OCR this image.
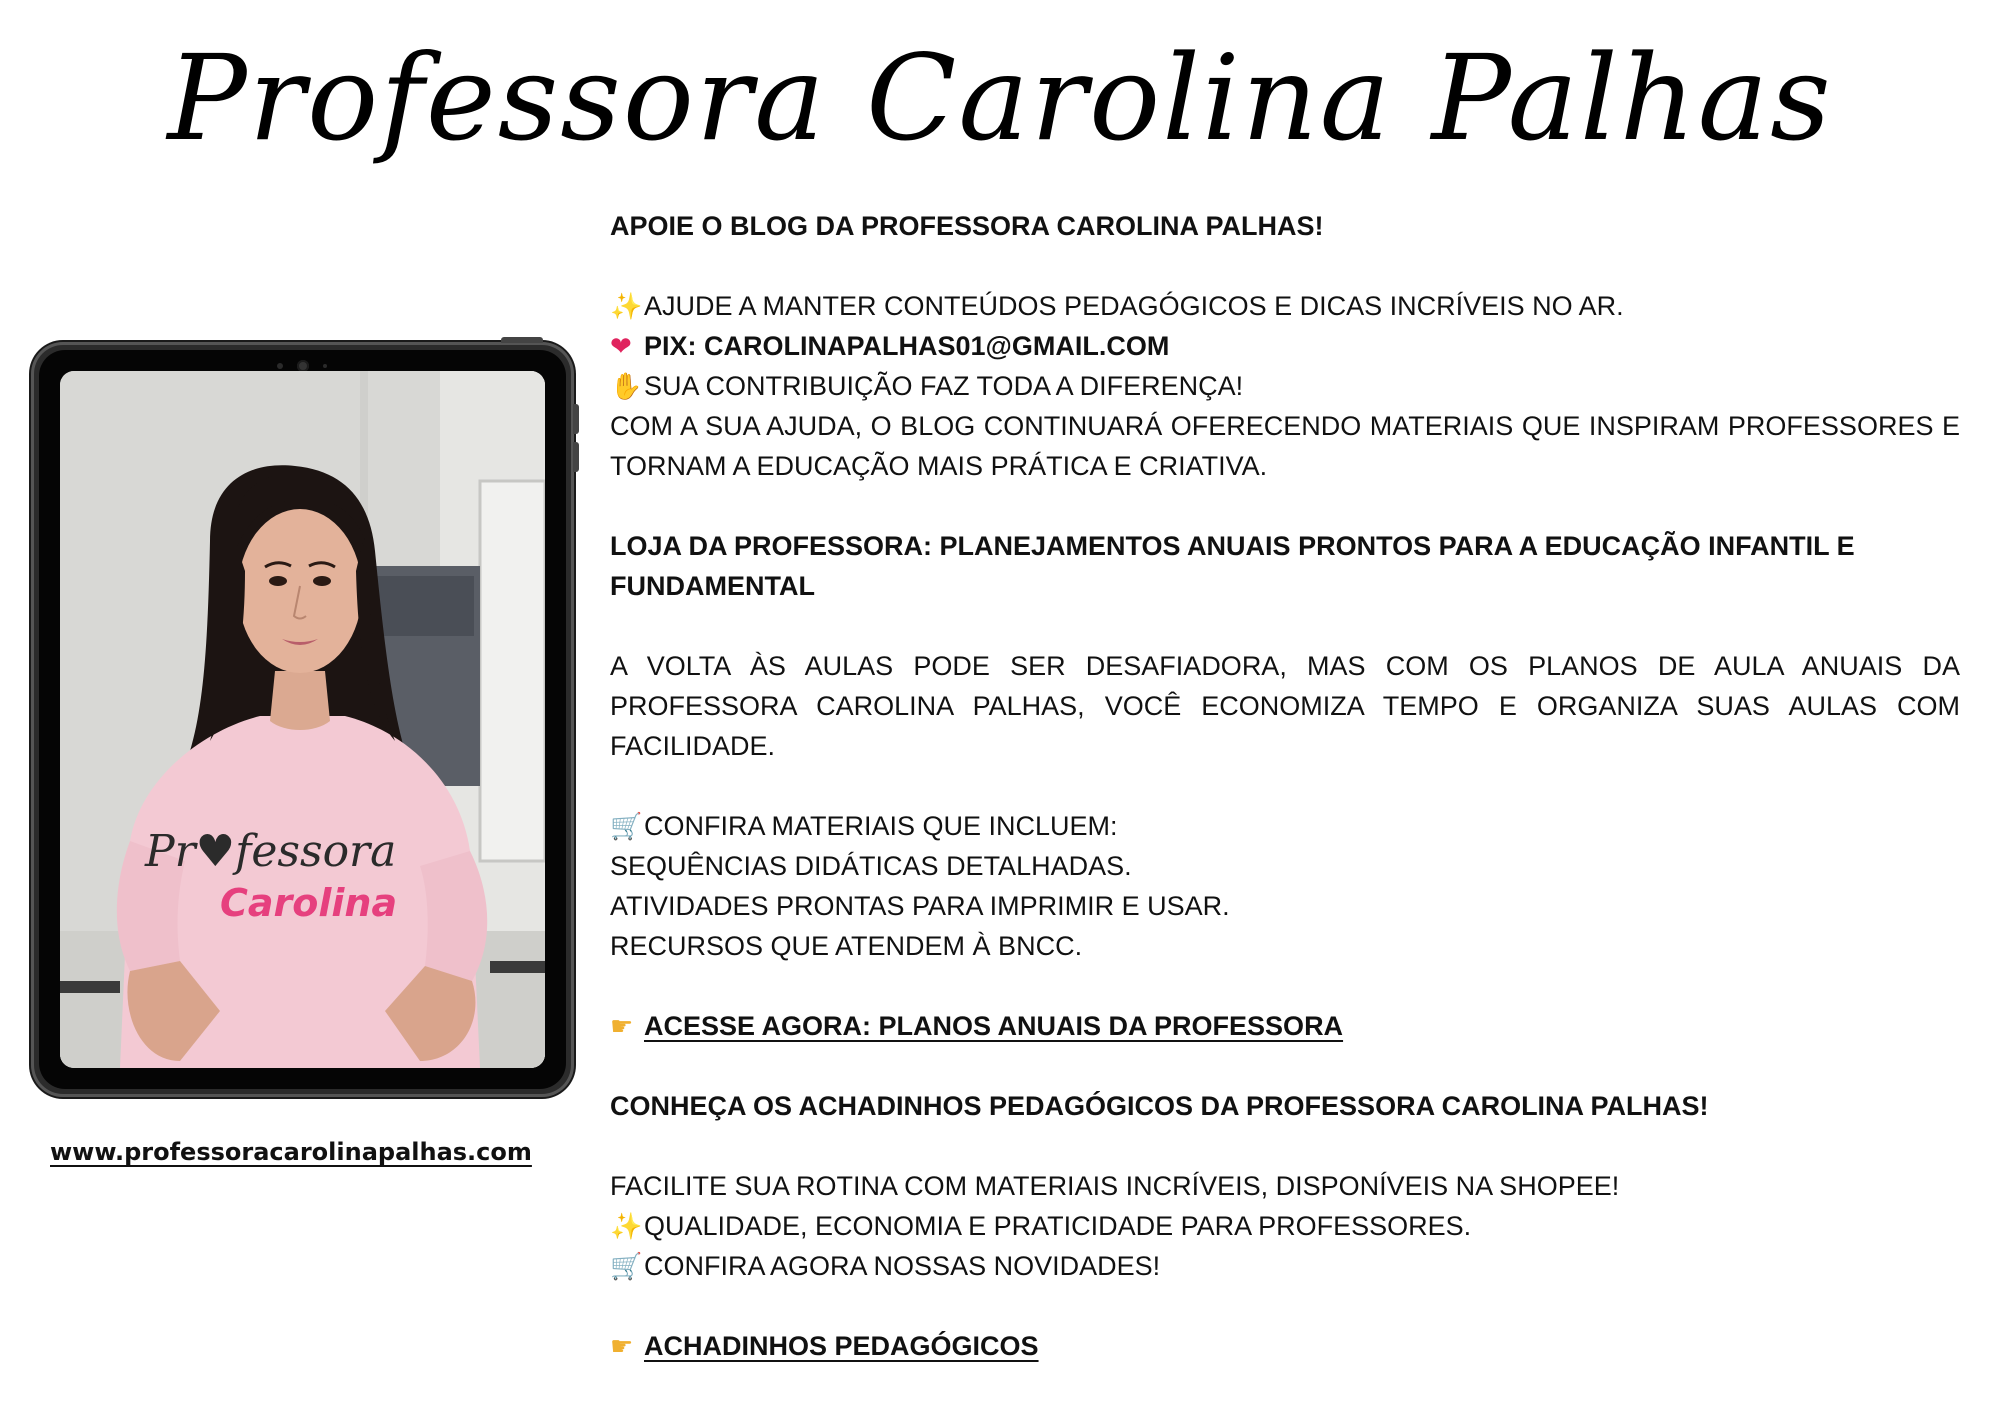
Professora Carolina Palhas
Pr♥fessora
Carolina
www.professoracarolinapalhas.com

APOIE O BLOG DA PROFESSORA CAROLINA PALHAS!

✨AJUDE A MANTER CONTEÚDOS PEDAGÓGICOS E DICAS INCRÍVEIS NO AR.

❤ PIX: CAROLINAPALHAS01@GMAIL.COM

✋SUA CONTRIBUIÇÃO FAZ TODA A DIFERENÇA!

COM A SUA AJUDA, O BLOG CONTINUARÁ OFERECENDO MATERIAIS QUE INSPIRAM PROFESSORES E TORNAM A EDUCAÇÃO MAIS PRÁTICA E CRIATIVA.

LOJA DA PROFESSORA: PLANEJAMENTOS ANUAIS PRONTOS PARA A EDUCAÇÃO INFANTIL E FUNDAMENTAL

A VOLTA ÀS AULAS PODE SER DESAFIADORA, MAS COM OS PLANOS DE AULA ANUAIS DA PROFESSORA CAROLINA PALHAS, VOCÊ ECONOMIZA TEMPO E ORGANIZA SUAS AULAS COM FACILIDADE.

🛒CONFIRA MATERIAIS QUE INCLUEM:

SEQUÊNCIAS DIDÁTICAS DETALHADAS.

ATIVIDADES PRONTAS PARA IMPRIMIR E USAR.

RECURSOS QUE ATENDEM À BNCC.

☛ ACESSE AGORA: PLANOS ANUAIS DA PROFESSORA

CONHEÇA OS ACHADINHOS PEDAGÓGICOS DA PROFESSORA CAROLINA PALHAS!

FACILITE SUA ROTINA COM MATERIAIS INCRÍVEIS, DISPONÍVEIS NA SHOPEE!

✨QUALIDADE, ECONOMIA E PRATICIDADE PARA PROFESSORES.

🛒CONFIRA AGORA NOSSAS NOVIDADES!

☛ ACHADINHOS PEDAGÓGICOS
